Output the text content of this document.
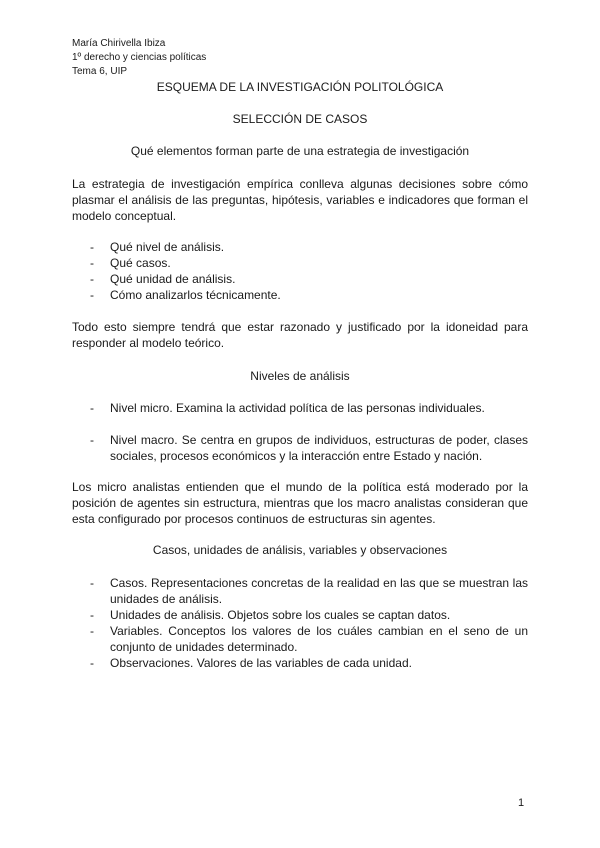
María Chirivella Ibiza
1º derecho y ciencias políticas
Tema 6, UIP
ESQUEMA DE LA INVESTIGACIÓN POLITOLÓGICA
SELECCIÓN DE CASOS
Qué elementos forman parte de una estrategia de investigación
La estrategia de investigación empírica conlleva algunas decisiones sobre cómo plasmar el análisis de las preguntas, hipótesis, variables e indicadores que forman el modelo conceptual.
- Qué nivel de análisis.
- Qué casos.
- Qué unidad de análisis.
- Cómo analizarlos técnicamente.
Todo esto siempre tendrá que estar razonado y justificado por la idoneidad para responder al modelo teórico.
Niveles de análisis
- Nivel micro. Examina la actividad política de las personas individuales.
- Nivel macro. Se centra en grupos de individuos, estructuras de poder, clases sociales, procesos económicos y la interacción entre Estado y nación.
Los micro analistas entienden que el mundo de la política está moderado por la posición de agentes sin estructura, mientras que los macro analistas consideran que esta configurado por procesos continuos de estructuras sin agentes.
Casos, unidades de análisis, variables y observaciones
- Casos. Representaciones concretas de la realidad en las que se muestran las unidades de análisis.
- Unidades de análisis. Objetos sobre los cuales se captan datos.
- Variables. Conceptos los valores de los cuáles cambian en el seno de un conjunto de unidades determinado.
- Observaciones. Valores de las variables de cada unidad.
1
